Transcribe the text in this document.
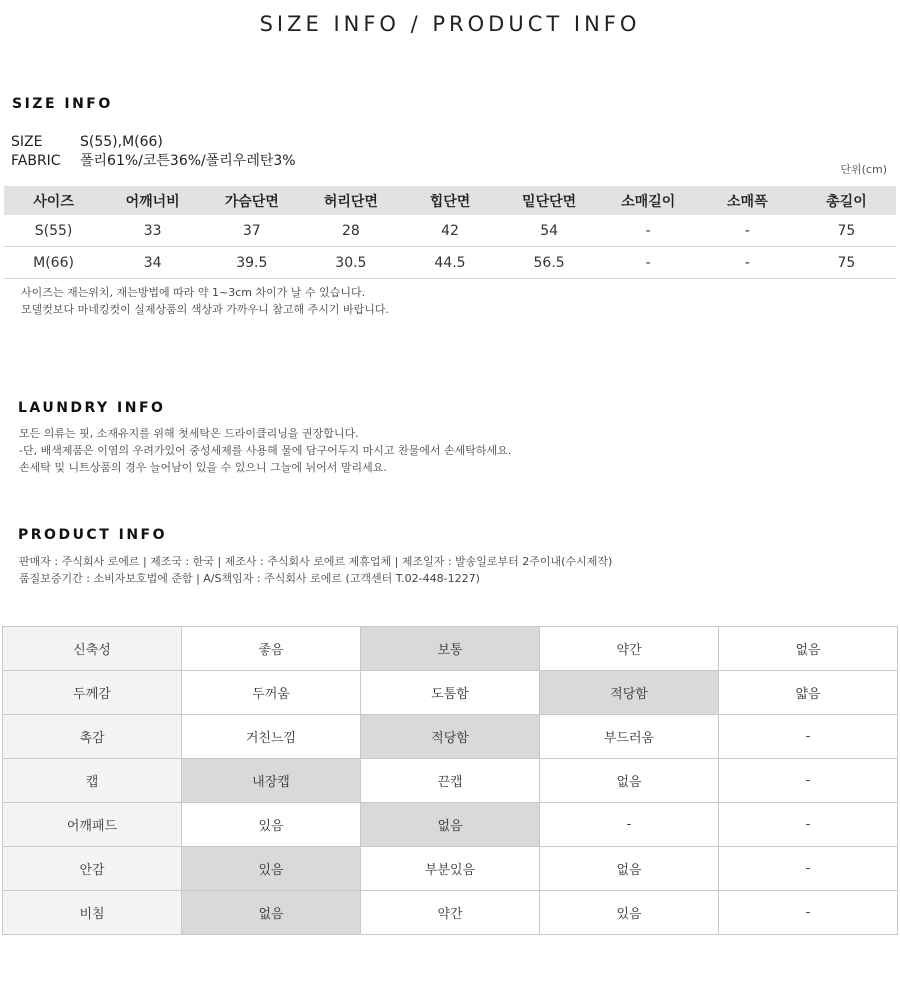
SIZE INFO / PRODUCT INFO
SIZE INFO
SIZE	S(55),M(66)
FABRIC 폴리61%/코튼36%/폴리우레탄3%
단위(cm)
사이즈	어깨너비	가슴단면	허리단면	힙단면	밑단단면	소매길이	소매폭	총길이
S(55)	33	37	28	42	54	-	-	75
M(66)	34	39.5	30.5	44.5	56.5	-	-	75
사이즈는 재는위치, 재는방법에 따라 약 1~3cm 차이가 날 수 있습니다.
모델컷보다 마네킹컷이 실제상품의 색상과 가까우니 참고해 주시기 바랍니다.
LAUNDRY INFO
모든 의류는 핏, 소재유지를 위해 첫세탁은 드라이클리닝을 권장합니다.
-단, 배색제품은 이염의 우려가있어 중성세제를 사용해 물에 담구어두지 마시고 찬물에서 손세탁하세요.
손세탁 및 니트상품의 경우 늘어남이 있을 수 있으니 그늘에 뉘어서 말리세요.
PRODUCT INFO
판매자 : 주식회사 로에르 | 제조국 : 한국 | 제조사 : 주식회사 로에르 제휴업체 | 제조일자 : 발송일로부터 2주이내(수시제작)
품질보증기간 : 소비자보호법에 준함 | A/S책임자 : 주식회사 로에르 (고객센터 T.02-448-1227)
신축성	좋음	보통	약간	없음
두께감	두꺼움	도톰함	적당함	얇음
촉감	거친느낌	적당함	부드러움	-
캡	내장캡	끈캡	없음	-
어깨패드	있음	없음	-	-
안감	있음	부분있음	없음	-
비침	없음	약간	있음	-
